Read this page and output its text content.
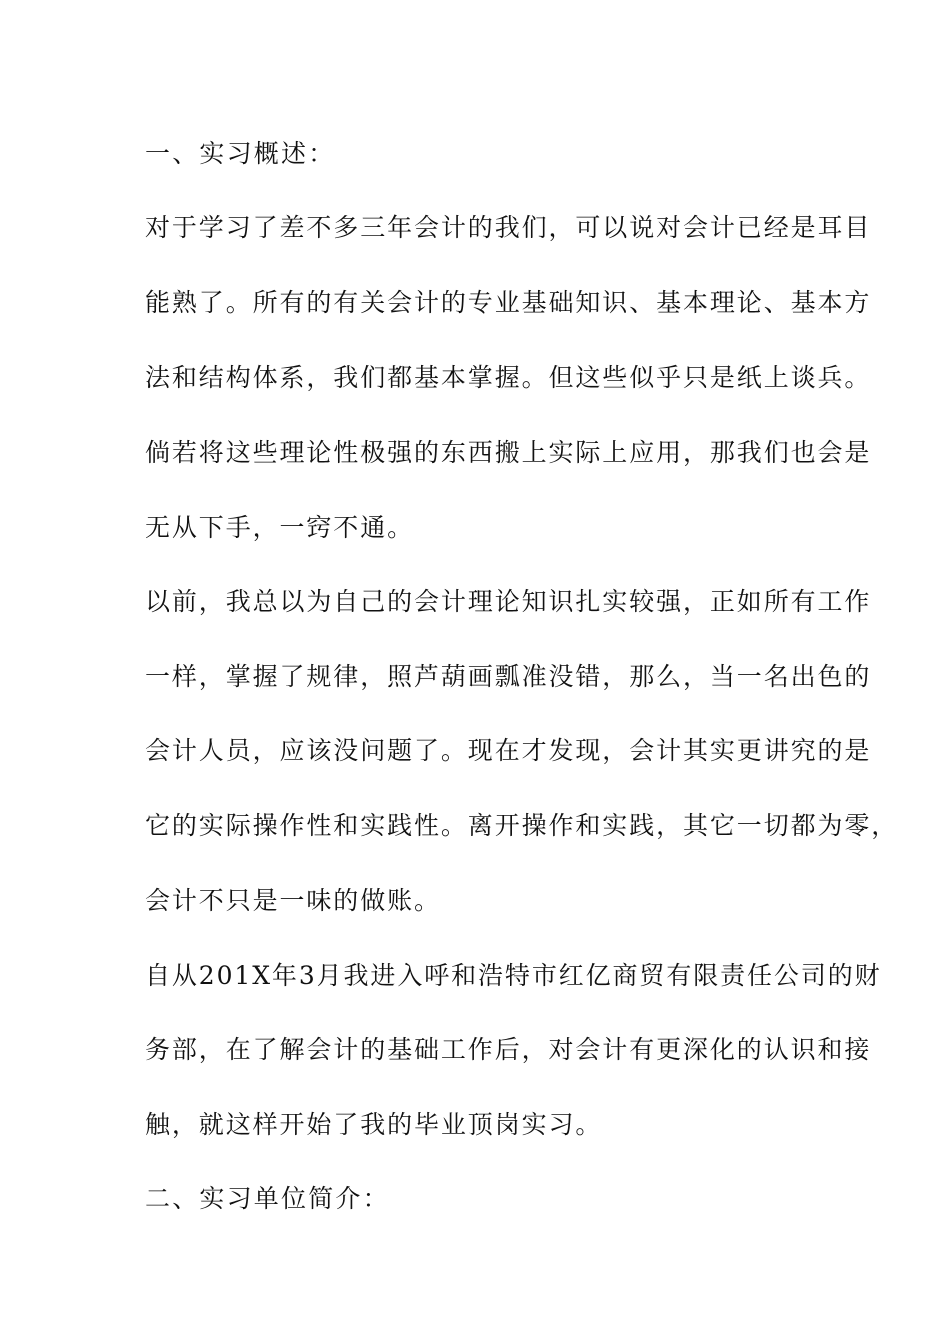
一、实习概述：

对于学习了差不多三年会计的我们，可以说对会计已经是耳目

能熟了。所有的有关会计的专业基础知识、基本理论、基本方

法和结构体系，我们都基本掌握。但这些似乎只是纸上谈兵。

倘若将这些理论性极强的东西搬上实际上应用，那我们也会是

无从下手，一窍不通。

以前，我总以为自己的会计理论知识扎实较强，正如所有工作

一样，掌握了规律，照芦葫画瓢准没错，那么，当一名出色的

会计人员，应该没问题了。现在才发现，会计其实更讲究的是

它的实际操作性和实践性。离开操作和实践，其它一切都为零，

会计不只是一味的做账。

自从201X年3月我进入呼和浩特市红亿商贸有限责任公司的财

务部，在了解会计的基础工作后，对会计有更深化的认识和接

触，就这样开始了我的毕业顶岗实习。

二、实习单位简介：
